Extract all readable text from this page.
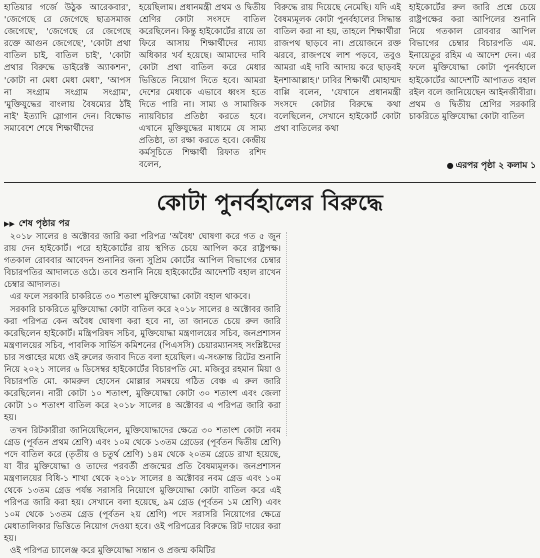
হাতিয়ার গর্জে উঠুক আরেকবার', 'জেগেছে রে জেগেছে ছাত্রসমাজ জেগেছে', 'জেগেছে রে জেগেছে রক্তে আগুন জেগেছে', 'কোটা প্রথা বাতিল চাই, বাতিল চাই', 'কোটা প্রথার বিরুদ্ধে ডাইরেক্ট অ্যাকশন', 'কোটা না মেধা মেধা মেধা', 'আপস না সংগ্রাম সংগ্রাম সংগ্রাম', 'মুক্তিযুদ্ধের বাংলায় বৈষম্যের ঠাঁই নাই' ইত্যাদি স্লোগান দেন। বিক্ষোভ সমাবেশে শেষে শিক্ষার্থীদের

হয়েছিলাম। প্রধানমন্ত্রী প্রথম ও দ্বিতীয় শ্রেণির কোটা সংসদে বাতিল করেছিলেন। কিন্তু হাইকোর্টের রায়ে তা ফিরে আসায় শিক্ষার্থীদের ন্যায্য অধিকার খর্ব হয়েছে। আমাদের দাবি কোটা প্রথা বাতিল করে মেধার ভিত্তিতে নিয়োগ দিতে হবে। আমরা দেশের মেধাকে এভাবে ধ্বংস হতে দিতে পারি না। সাম্য ও সামাজিক ন্যায়বিচার প্রতিষ্ঠা করতে হবে। এখানে মুক্তিযুদ্ধের মাধ্যমে যে সাম্য প্রতিষ্ঠা, তা রক্ষা করতে হবে। কেন্দ্রীয় কর্মসূচিতে শিক্ষার্থী রিফাত রশিদ বলেন,

বিরুদ্ধে রায় দিয়েছে নেমেছি। যদি এই বৈষম্যমূলক কোটা পুনর্বহালের সিদ্ধান্ত বাতিল করা না হয়, তাহলে শিক্ষার্থীরা রাজপথ ছাড়বে না। প্রয়োজনে রক্ত ঝরবে, রাজপথে লাশ পড়বে, তবুও আমরা এই দাবি আদায় করে ছাড়বই ইনশাআল্লাহ।' ঢাবির শিক্ষার্থী মোহাম্মদ বাপ্পি বলেন, 'যেখানে প্রধানমন্ত্রী সংসদে কোটার বিরুদ্ধে কথা বলেছিলেন, সেখানে হাইকোর্ট কোটা প্রথা বাতিলের কথা

হাইকোর্টের রুল জারি প্রশ্নে চেয়ে রাষ্ট্রপক্ষের করা আপিলের শুনানি নিয়ে গতকাল রোববার আপিল বিভাগের চেম্বার বিচারপতি এম. ইনায়েতুর রহিম এ আদেশ দেন। এর ফলে মুক্তিযোদ্ধা কোটা পুনর্বহালে হাইকোর্টের আদেশটি আপাতত বহাল রইল বলে জানিয়েছেন আইনজীবীরা। প্রথম ও দ্বিতীয় শ্রেণির সরকারি চাকরিতে মুক্তিযোদ্ধা কোটা বাতিল

● এরপর পৃষ্ঠা ২ কলাম ১
কোটা পুনর্বহালের বিরুদ্ধে
▶▶ শেষ পৃষ্ঠার পর

২০১৮ সালের ৪ অক্টোবর জারি করা পরিপত্র 'অবৈধ' ঘোষণা করে গত ৫ জুন রায় দেন হাইকোর্ট। পরে হাইকোর্টের রায় স্থগিত চেয়ে আপিল করে রাষ্ট্রপক্ষ। গতকাল রোববার আবেদন শুনানির জন্য সুপ্রিম কোর্টের আপিল বিভাগের চেম্বার বিচারপতির আদালতে ওঠে। তবে শুনানি নিয়ে হাইকোর্টের আদেশটি বহাল রাখেন চেম্বার আদালত।

এর ফলে সরকারি চাকরিতে ৩০ শতাংশ মুক্তিযোদ্ধা কোটা বহাল থাকবে।

সরকারি চাকরিতে মুক্তিযোদ্ধা কোটা বাতিল করে ২০১৮ সালের ৪ অক্টোবর জারি করা পরিপত্র কেন অবৈধ ঘোষণা করা হবে না, তা জানতে চেয়ে রুল জারি করেছিলেন হাইকোর্ট। মন্ত্রিপরিষদ সচিব, মুক্তিযোদ্ধা মন্ত্রণালয়ের সচিব, জনপ্রশাসন মন্ত্রণালয়ের সচিব, পাবলিক সার্ভিস কমিশনের (পিএসসি) চেয়ারম্যানসহ সংশ্লিষ্টদের চার সপ্তাহের মধ্যে ওই রুলের জবাব দিতে বলা হয়েছিল। এ-সংক্রান্ত রিটের শুনানি নিয়ে ২০২১ সালের ৬ ডিসেম্বর হাইকোর্টের বিচারপতি মো. মজিবুর রহমান মিয়া ও বিচারপতি মো. কামরুল হোসেন মোল্লার সমন্বয়ে গঠিত বেঞ্চ এ রুল জারি করেছিলেন। নারী কোটা ১০ শতাংশ, মুক্তিযোদ্ধা কোটা ৩০ শতাংশ এবং জেলা কোটা ১০ শতাংশ বাতিল করে ২০১৮ সালের ৪ অক্টোবর এ পরিপত্র জারি করা হয়।

তখন রিটকারীরা জানিয়েছিলেন, মুক্তিযোদ্ধাদের ক্ষেত্রে ৩০ শতাংশ কোটা নবম গ্রেড (পূর্বতন প্রথম শ্রেণি) এবং ১০ম থেকে ১৩তম গ্রেডের (পূর্বতন দ্বিতীয় শ্রেণি) পদে বাতিল করে (তৃতীয় ও চতুর্থ শ্রেণি) ১৪ম থেকে ২০তম গ্রেডে রাখা হয়েছে, যা বীর মুক্তিযোদ্ধা ও তাদের পরবর্তী প্রজন্মের প্রতি বৈষম্যমূলক। জনপ্রশাসন মন্ত্রণালয়ের বিধি-১ শাখা থেকে ২০১৮ সালের ৪ অক্টোবর নবম গ্রেড এবং ১০ম থেকে ১৩তম গ্রেড পর্যন্ত সরাসরি নিয়োগে মুক্তিযোদ্ধা কোটা বাতিল করে এই পরিপত্র জারি করা হয়। সেখানে বলা হয়েছে, ৯ম গ্রেড (পূর্বতন ১ম শ্রেণি) এবং ১০ম থেকে ১৩তম গ্রেড (পূর্বতন ২য় শ্রেণি) পদে সরাসরি নিয়োগের ক্ষেত্রে মেধাতালিকার ভিত্তিতে নিয়োগ দেওয়া হবে। ওই পরিপত্রের বিরুদ্ধে রিট দায়ের করা হয়।

ওই পরিপত্র চ্যালেঞ্জ করে মুক্তিযোদ্ধা সন্তান ও প্রজন্ম কমিটির
